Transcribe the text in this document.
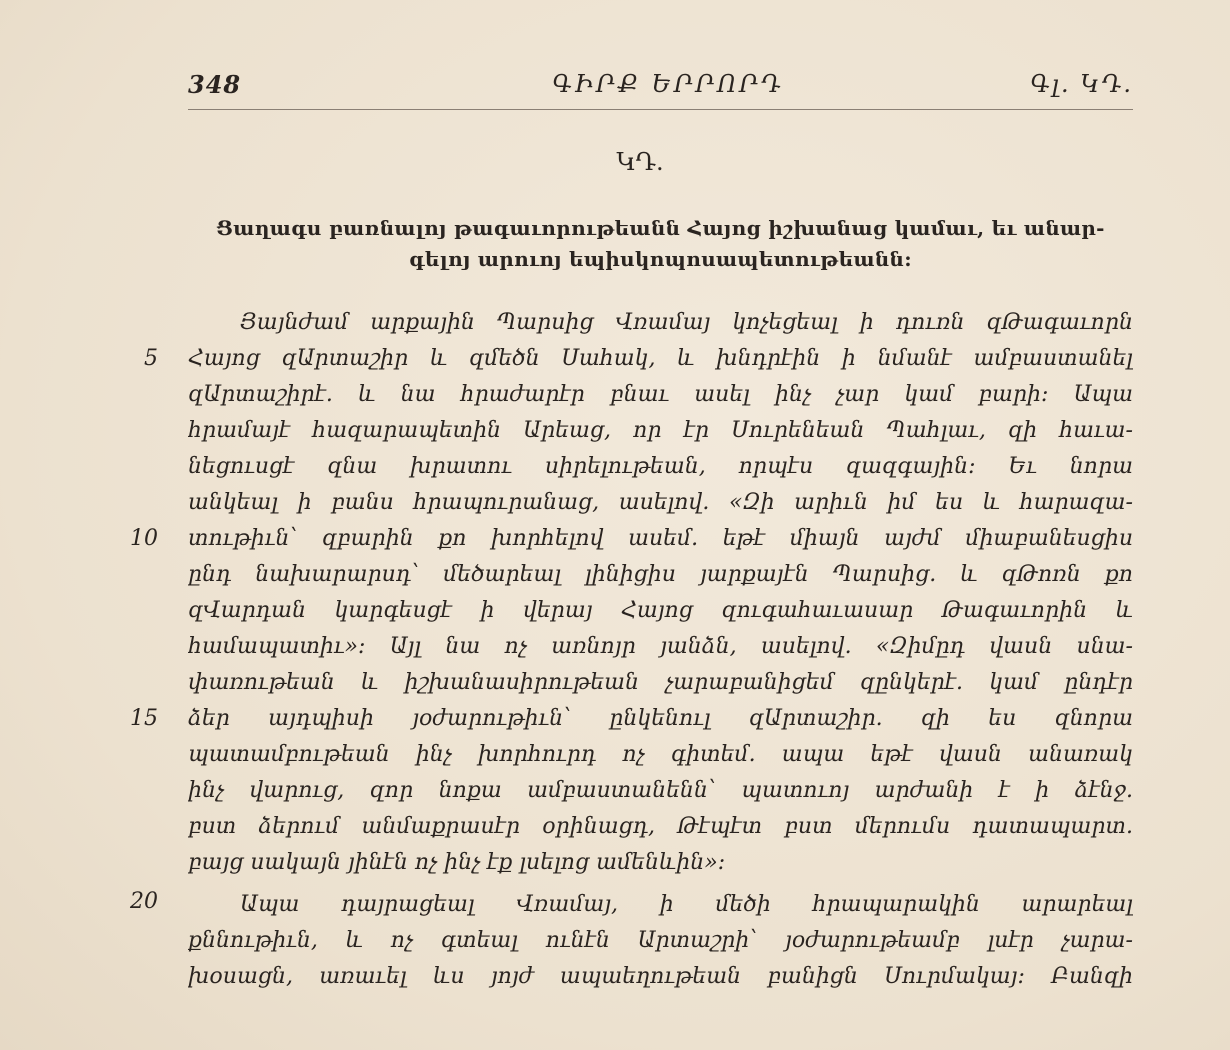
348	ԳԻՐՔ ԵՐՐՈՐԴ	Գլ. ԿԴ.
ԿԴ.
Ցաղագս բառնալոյ թագաւորութեանն Հայոց իշխանաց կամաւ, եւ անար-
գելոյ արուոյ եպիսկոպոսապետութեանն:
Յայնժամ արքային Պարսից Վռամայ կոչեցեալ ի դուռն զԹագաւորն
Հայոց զԱրտաշիր և զմեծն Սահակ, և խնդրէին ի նմանէ ամբաստանել
զԱրտաշիրէ. և նա հրաժարէր բնաւ ասել ինչ չար կամ բարի: Ապա
հրամայէ հազարապետին Արեաց, որ էր Սուրենեան Պահլաւ, զի հաւա-
նեցուսցէ զնա խրատու սիրելութեան, որպէս զազգային: Եւ նորա
անկեալ ի բանս հրապուրանաց, ասելով. «Զի արիւն իմ ես և հարազա-
տութիւն՝ զբարին քո խորհելով ասեմ. եթէ միայն այժմ միաբանեսցիս
ընդ նախարարսդ՝ մեծարեալ լինիցիս յարքայէն Պարսից. և զԹոռն քո
զՎարդան կարգեսցէ ի վերայ Հայոց զուգահաւասար Թագաւորին և
համապատիւ»: Այլ նա ոչ առնոյր յանձն, ասելով. «Զիմըդ վասն սնա-
փառութեան և իշխանասիրութեան չարաբանիցեմ զընկերէ. կամ ընդէր
ձեր այդպիսի յօժարութիւն՝ ընկենուլ զԱրտաշիր. զի ես զնորա
պատամբութեան ինչ խորհուրդ ոչ գիտեմ. ապա եթէ վասն անառակ
ինչ վարուց, զոր նոքա ամբաստանենն՝ պատուոյ արժանի է ի ձէնջ.
բստ ձերում անմաքրասէր օրինացդ, Թէպէտ բստ մերումս դատապարտ.
բայց սակայն յինէն ոչ ինչ էք լսելոց ամենևին»:
Ապա դայրացեալ Վռամայ, ի մեծի հրապարակին արարեալ
քննութիւն, և ոչ գտեալ ունէն Արտաշրի՝ յօժարութեամբ լսէր չարա-
խօսացն, առաւել ևս յոյժ ապաեղութեան բանիցն Սուրմակայ: Բանզի
5
10
15
20
